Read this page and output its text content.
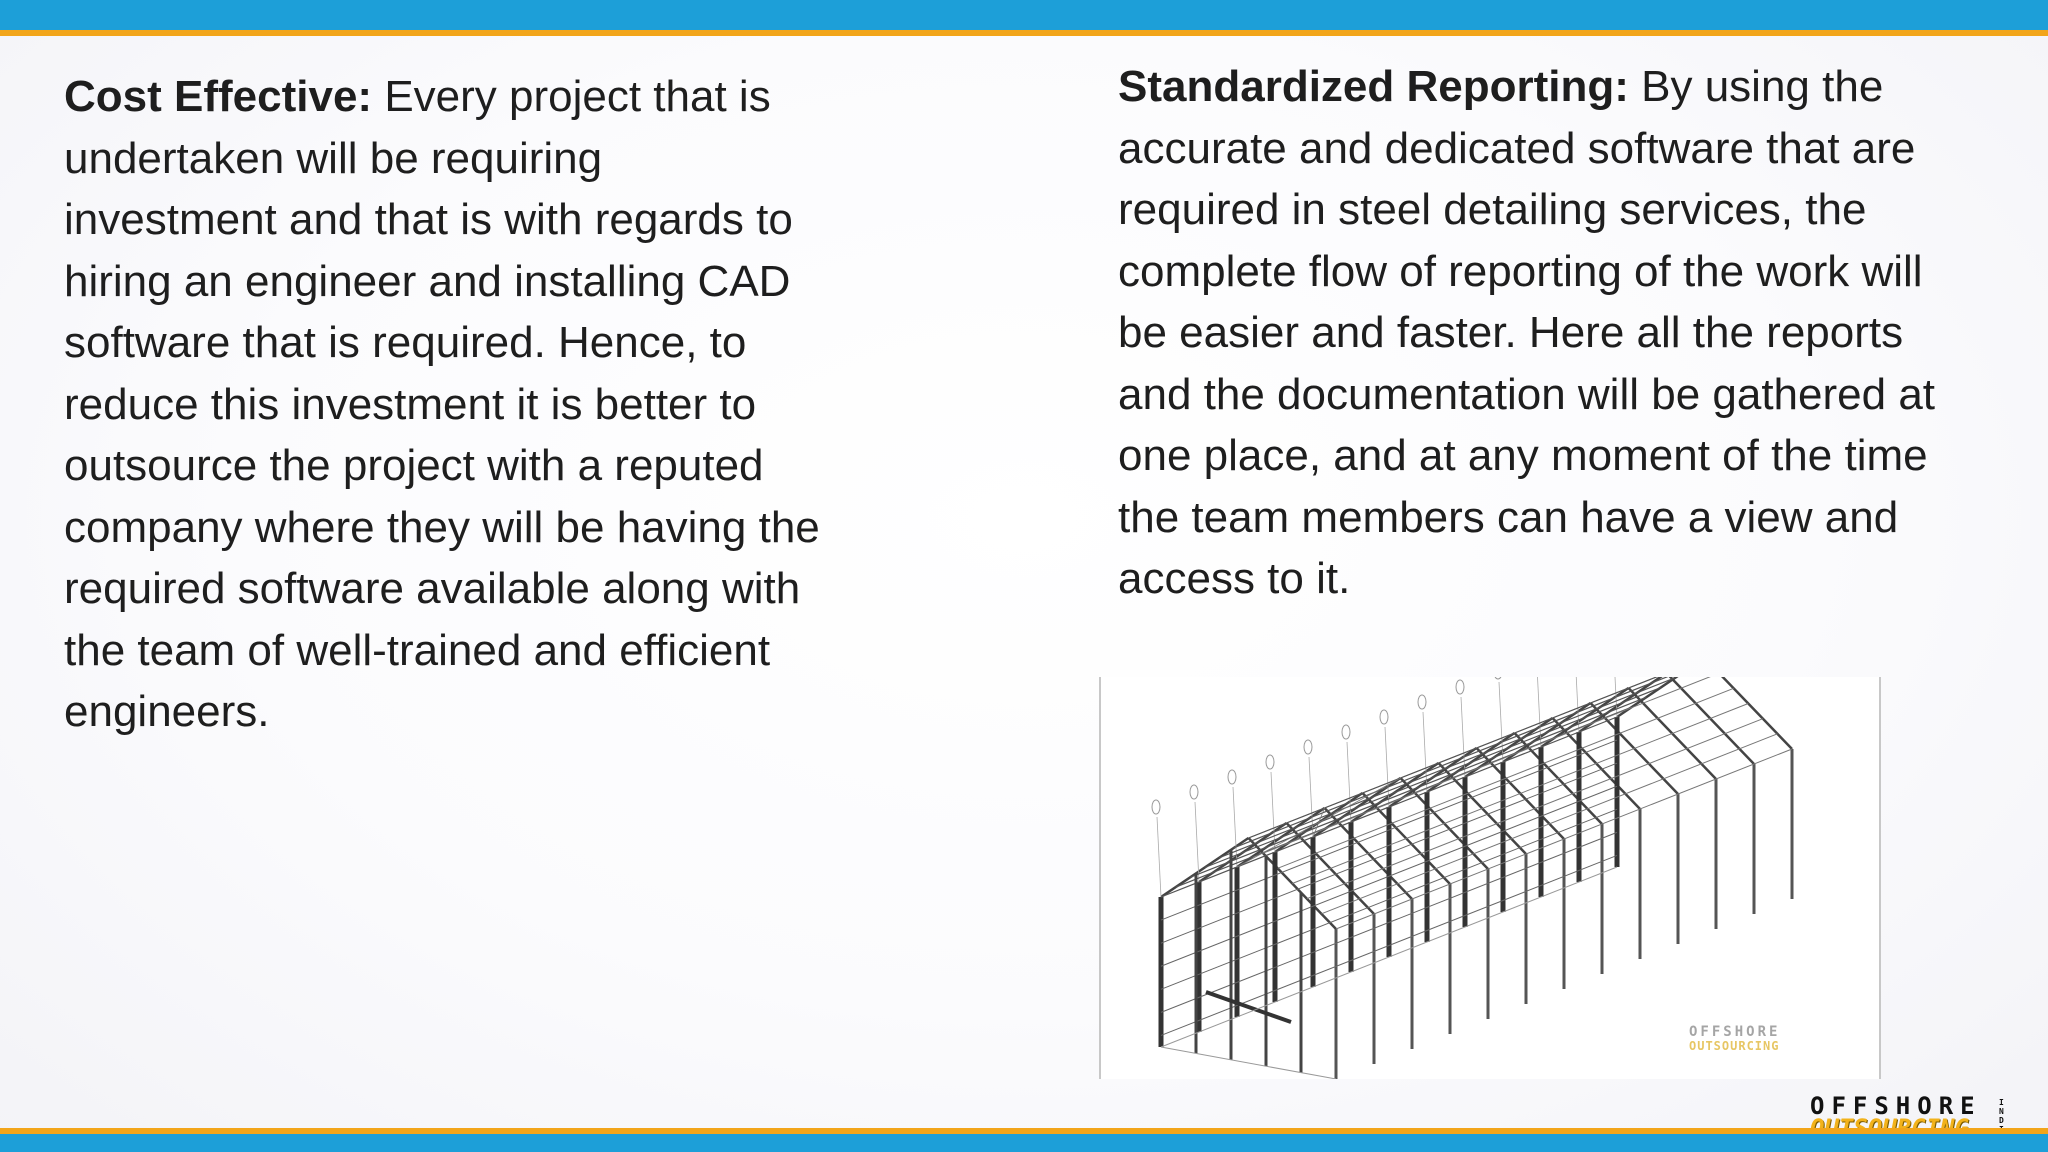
Cost Effective: Every project that is undertaken will be requiring investment and that is with regards to hiring an engineer and installing CAD software that is required. Hence, to reduce this investment it is better to outsource the project with a reputed company where they will be having the required software available along with the team of well-trained and efficient engineers.
Standardized Reporting: By using the accurate and dedicated software that are required in steel detailing services, the complete flow of reporting of the work will be easier and faster. Here all the reports and the documentation will be gathered at one place, and at any moment of the time the team members can have a view and access to it.
OFFSHORE
OUTSOURCING
OFFSHORE IND
